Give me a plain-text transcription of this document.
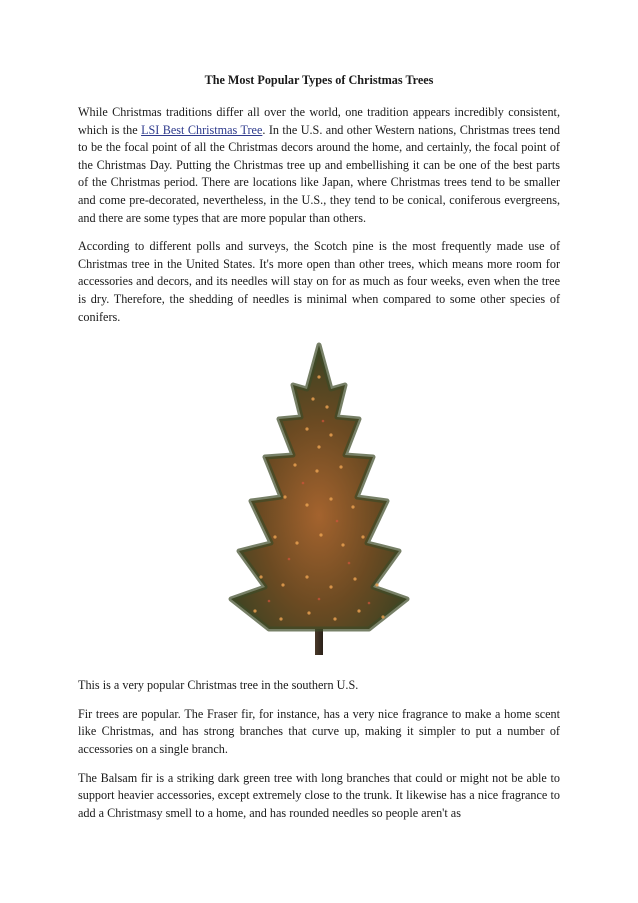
The Most Popular Types of Christmas Trees

While Christmas traditions differ all over the world, one tradition appears incredibly consistent, which is the LSI Best Christmas Tree. In the U.S. and other Western nations, Christmas trees tend to be the focal point of all the Christmas decors around the home, and certainly, the focal point of the Christmas Day. Putting the Christmas tree up and embellishing it can be one of the best parts of the Christmas period. There are locations like Japan, where Christmas trees tend to be smaller and come pre-decorated, nevertheless, in the U.S., they tend to be conical, coniferous evergreens, and there are some types that are more popular than others.

According to different polls and surveys, the Scotch pine is the most frequently made use of Christmas tree in the United States. It's more open than other trees, which means more room for accessories and decors, and its needles will stay on for as much as four weeks, even when the tree is dry. Therefore, the shedding of needles is minimal when compared to some other species of conifers.

This is a very popular Christmas tree in the southern U.S.

Fir trees are popular. The Fraser fir, for instance, has a very nice fragrance to make a home scent like Christmas, and has strong branches that curve up, making it simpler to put a number of accessories on a single branch.

The Balsam fir is a striking dark green tree with long branches that could or might not be able to support heavier accessories, except extremely close to the trunk. It likewise has a nice fragrance to add a Christmasy smell to a home, and has rounded needles so people aren't as
